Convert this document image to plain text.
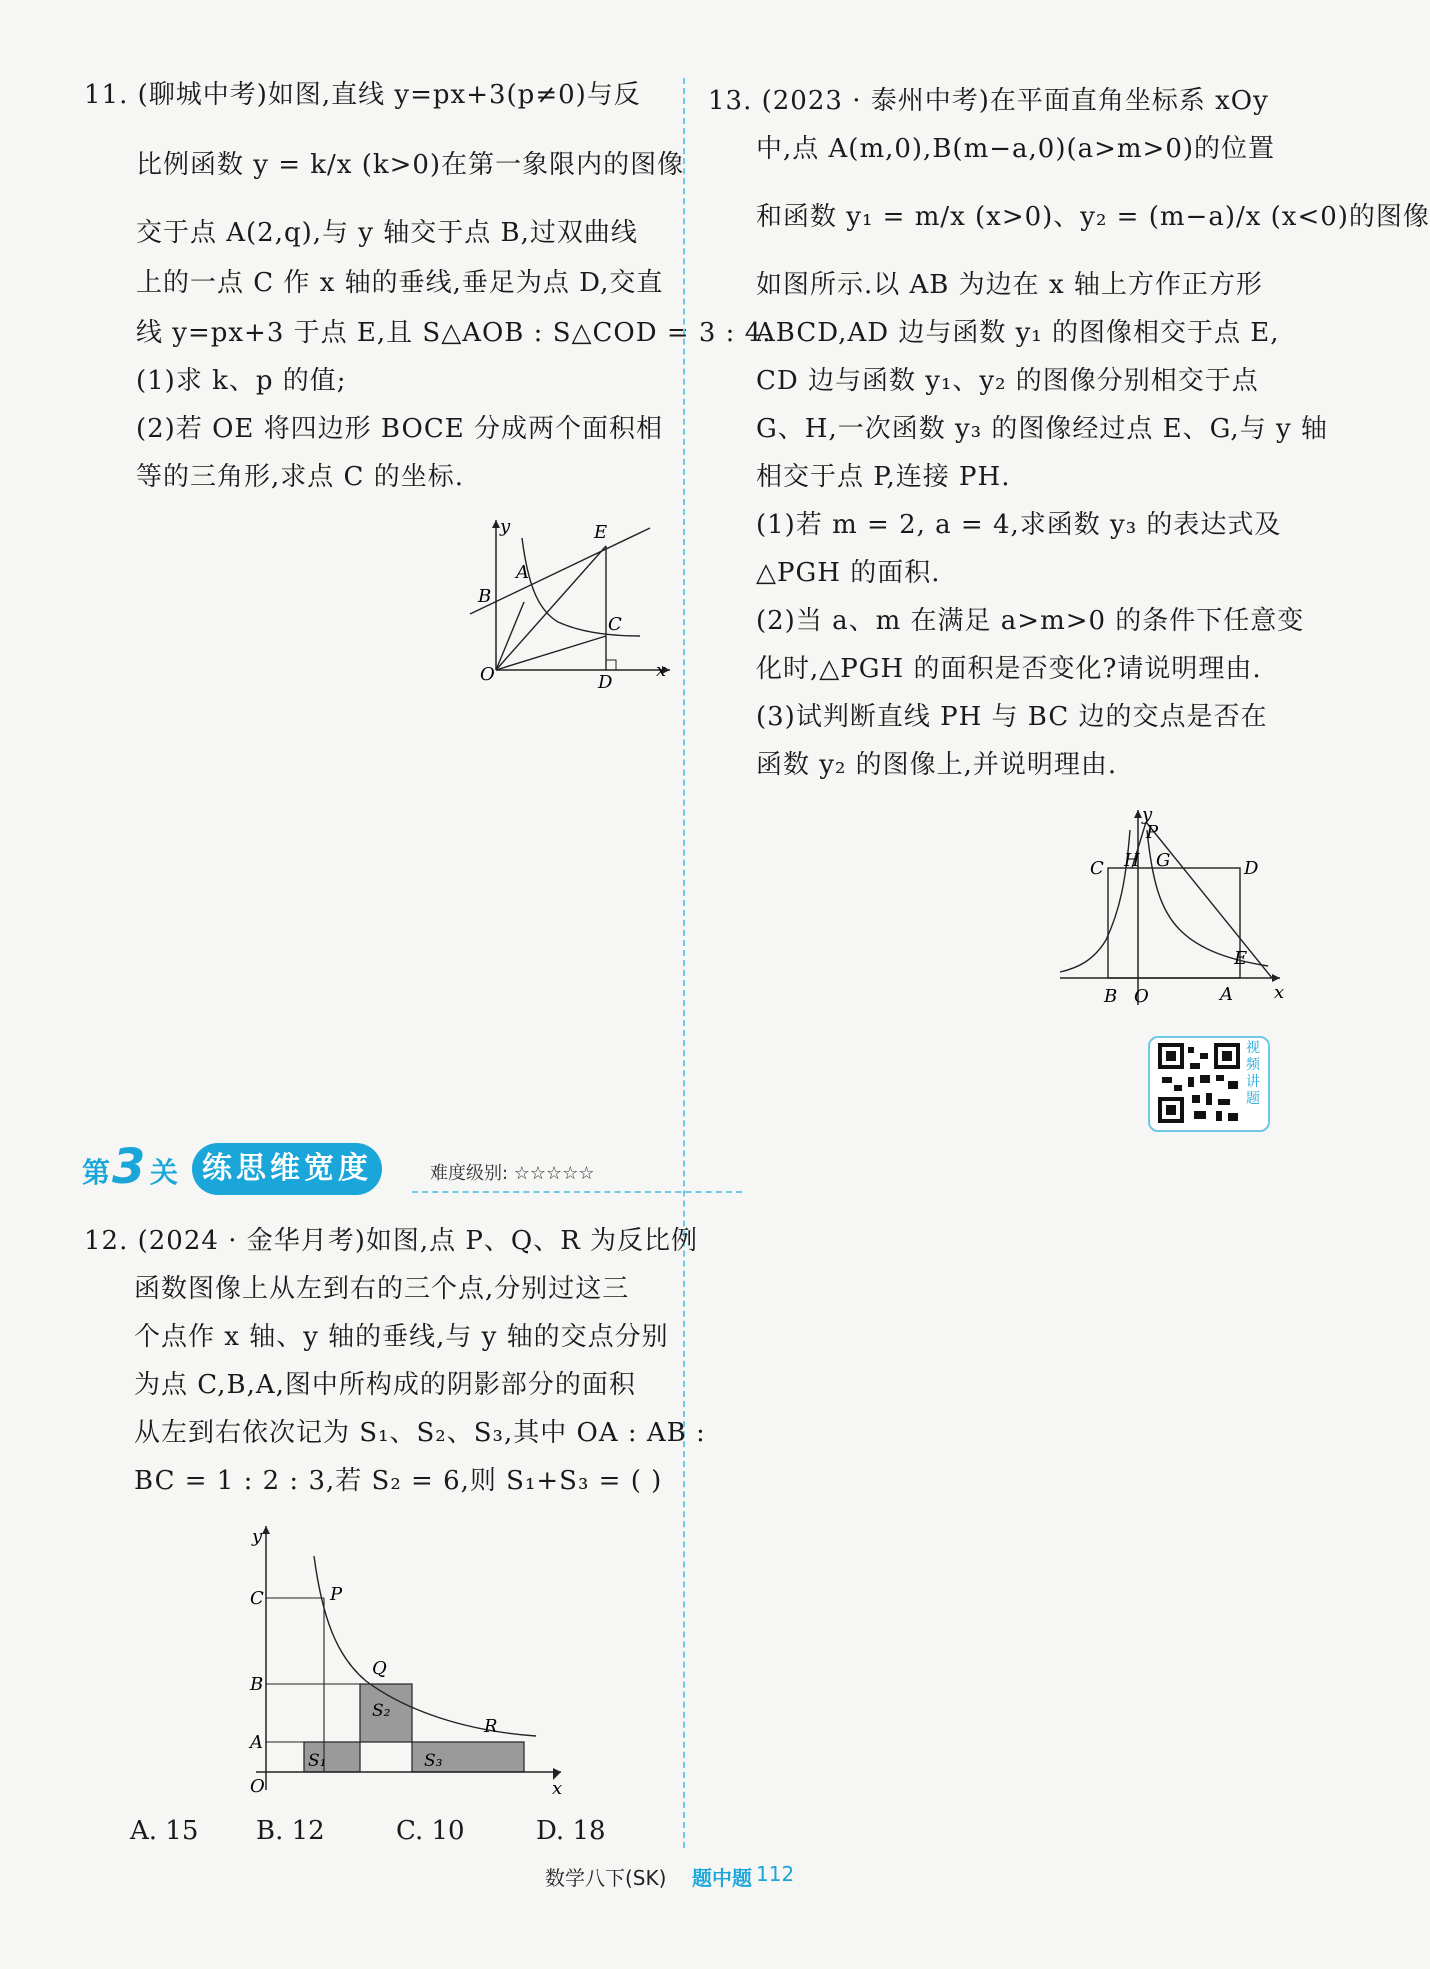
11. (聊城中考)如图,直线 y=px+3(p≠0)与反
比例函数 y = k/x (k>0)在第一象限内的图像
交于点 A(2,q),与 y 轴交于点 B,过双曲线
上的一点 C 作 x 轴的垂线,垂足为点 D,交直
线 y=px+3 于点 E,且 S△AOB : S△COD = 3 : 4.
(1)求 k、p 的值;
(2)若 OE 将四边形 BOCE 分成两个面积相
等的三角形,求点 C 的坐标.
y
x
O
B
A
E
C
D
13. (2023 · 泰州中考)在平面直角坐标系 xOy
中,点 A(m,0),B(m−a,0)(a>m>0)的位置
和函数 y₁ = m/x (x>0)、y₂ = (m−a)/x (x<0)的图像
如图所示.以 AB 为边在 x 轴上方作正方形
ABCD,AD 边与函数 y₁ 的图像相交于点 E,
CD 边与函数 y₁、y₂ 的图像分别相交于点
G、H,一次函数 y₃ 的图像经过点 E、G,与 y 轴
相交于点 P,连接 PH.
(1)若 m = 2, a = 4,求函数 y₃ 的表达式及
△PGH 的面积.
(2)当 a、m 在满足 a>m>0 的条件下任意变
化时,△PGH 的面积是否变化?请说明理由.
(3)试判断直线 PH 与 BC 边的交点是否在
函数 y₂ 的图像上,并说明理由.
y
x
P
C H G	D
E
B O	A
视频讲题
第 3 关 练思维宽度	难度级别: ☆☆☆☆☆
12. (2024 · 金华月考)如图,点 P、Q、R 为反比例
函数图像上从左到右的三个点,分别过这三
个点作 x 轴、y 轴的垂线,与 y 轴的交点分别
为点 C,B,A,图中所构成的阴影部分的面积
从左到右依次记为 S₁、S₂、S₃,其中 OA : AB :
BC = 1 : 2 : 3,若 S₂ = 6,则 S₁+S₃ = ( )
y
x
O
A
B
C	P
Q
R
S₁
S₂
S₃
A. 15 B. 12	C. 10	D. 18
数学八下(SK) 题中题 112
